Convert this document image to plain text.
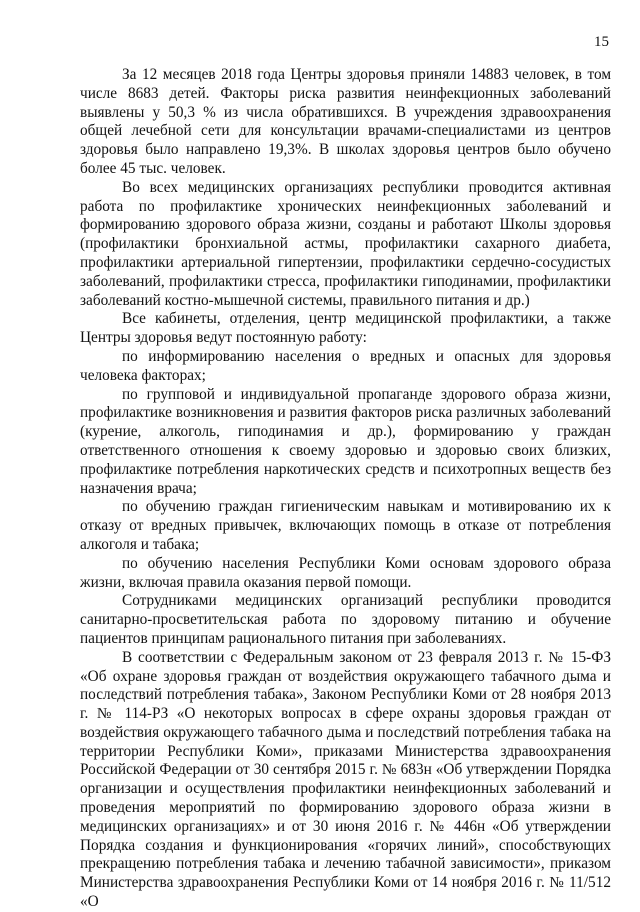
15

За 12 месяцев 2018 года Центры здоровья приняли 14883 человек, в том числе 8683 детей. Факторы риска развития неинфекционных заболеваний выявлены у 50,3 % из числа обратившихся. В учреждения здравоохранения общей лечебной сети для консультации врачами-специалистами из центров здоровья было направлено 19,3%. В школах здоровья центров было обучено более 45 тыс. человек.

Во всех медицинских организациях республики проводится активная работа по профилактике хронических неинфекционных заболеваний и формированию здорового образа жизни, созданы и работают Школы здоровья (профилактики бронхиальной астмы, профилактики сахарного диабета, профилактики артериальной гипертензии, профилактики сердечно-сосудистых заболеваний, профилактики стресса, профилактики гиподинамии, профилактики заболеваний костно-мышечной системы, правильного питания и др.)

Все кабинеты, отделения, центр медицинской профилактики, а также Центры здоровья ведут постоянную работу:

по информированию населения о вредных и опасных для здоровья человека факторах;

по групповой и индивидуальной пропаганде здорового образа жизни, профилактике возникновения и развития факторов риска различных заболеваний (курение, алкоголь, гиподинамия и др.), формированию у граждан ответственного отношения к своему здоровью и здоровью своих близких, профилактике потребления наркотических средств и психотропных веществ без назначения врача;

по обучению граждан гигиеническим навыкам и мотивированию их к отказу от вредных привычек, включающих помощь в отказе от потребления алкоголя и табака;

по обучению населения Республики Коми основам здорового образа жизни, включая правила оказания первой помощи.

Сотрудниками медицинских организаций республики проводится санитарно-просветительская работа по здоровому питанию и обучение пациентов принципам рационального питания при заболеваниях.

В соответствии с Федеральным законом от 23 февраля 2013 г. № 15-ФЗ «Об охране здоровья граждан от воздействия окружающего табачного дыма и последствий потребления табака», Законом Республики Коми от 28 ноября 2013 г. № 114-РЗ «О некоторых вопросах в сфере охраны здоровья граждан от воздействия окружающего табачного дыма и последствий потребления табака на территории Республики Коми», приказами Министерства здравоохранения Российской Федерации от 30 сентября 2015 г. № 683н «Об утверждении Порядка организации и осуществления профилактики неинфекционных заболеваний и проведения мероприятий по формированию здорового образа жизни в медицинских организациях» и от 30 июня 2016 г. № 446н «Об утверждении Порядка создания и функционирования «горячих линий», способствующих прекращению потребления табака и лечению табачной зависимости», приказом Министерства здравоохранения Республики Коми от 14 ноября 2016 г. № 11/512 «О
